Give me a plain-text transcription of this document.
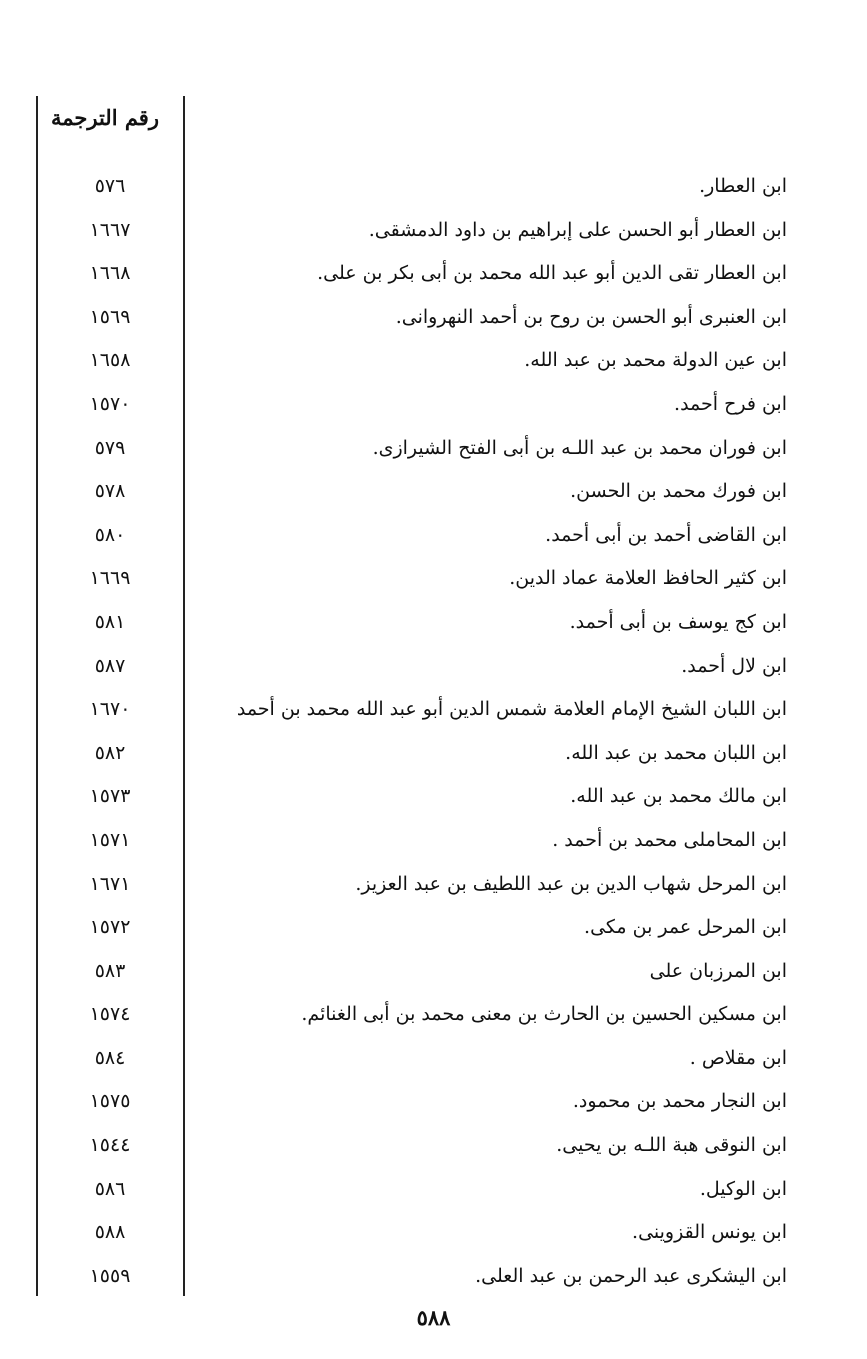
رقم الترجمة
٥٧٦
١٦٦٧
١٦٦٨
١٥٦٩
١٦٥٨
١٥٧٠
٥٧٩
٥٧٨
٥٨٠
١٦٦٩
٥٨١
٥٨٧
١٦٧٠
٥٨٢
١٥٧٣
١٥٧١
١٦٧١
١٥٧٢
٥٨٣
١٥٧٤
٥٨٤
١٥٧٥
١٥٤٤
٥٨٦
٥٨٨
١٥٥٩
ابن العطار.
ابن العطار أبو الحسن على إبراهيم بن داود الدمشقى.
ابن العطار تقى الدين أبو عبد الله محمد بن أبى بكر بن على.
ابن العنبرى أبو الحسن بن روح بن أحمد النهروانى.
ابن عين الدولة محمد بن عبد الله.
ابن فرح أحمد.
ابن فوران محمد بن عبد اللـه بن أبى الفتح الشيرازى.
ابن فورك محمد بن الحسن.
ابن القاضى أحمد بن أبى أحمد.
ابن كثير الحافظ العلامة عماد الدين.
ابن كج يوسف بن أبى أحمد.
ابن لال أحمد.
ابن اللبان الشيخ الإمام العلامة شمس الدين أبو عبد الله محمد بن أحمد
ابن اللبان محمد بن عبد الله.
ابن مالك محمد بن عبد الله.
ابن المحاملى محمد بن أحمد .
ابن المرحل شهاب الدين بن عبد اللطيف بن عبد العزيز.
ابن المرحل عمر بن مكى.
ابن المرزبان على
ابن مسكين الحسين بن الحارث بن معنى محمد بن أبى الغنائم.
ابن مقلاص .
ابن النجار محمد بن محمود.
ابن النوقى هبة اللـه بن يحيى.
ابن الوكيل.
ابن يونس القزوينى.
ابن اليشكرى عبد الرحمن بن عبد العلى.
٥٨٨
